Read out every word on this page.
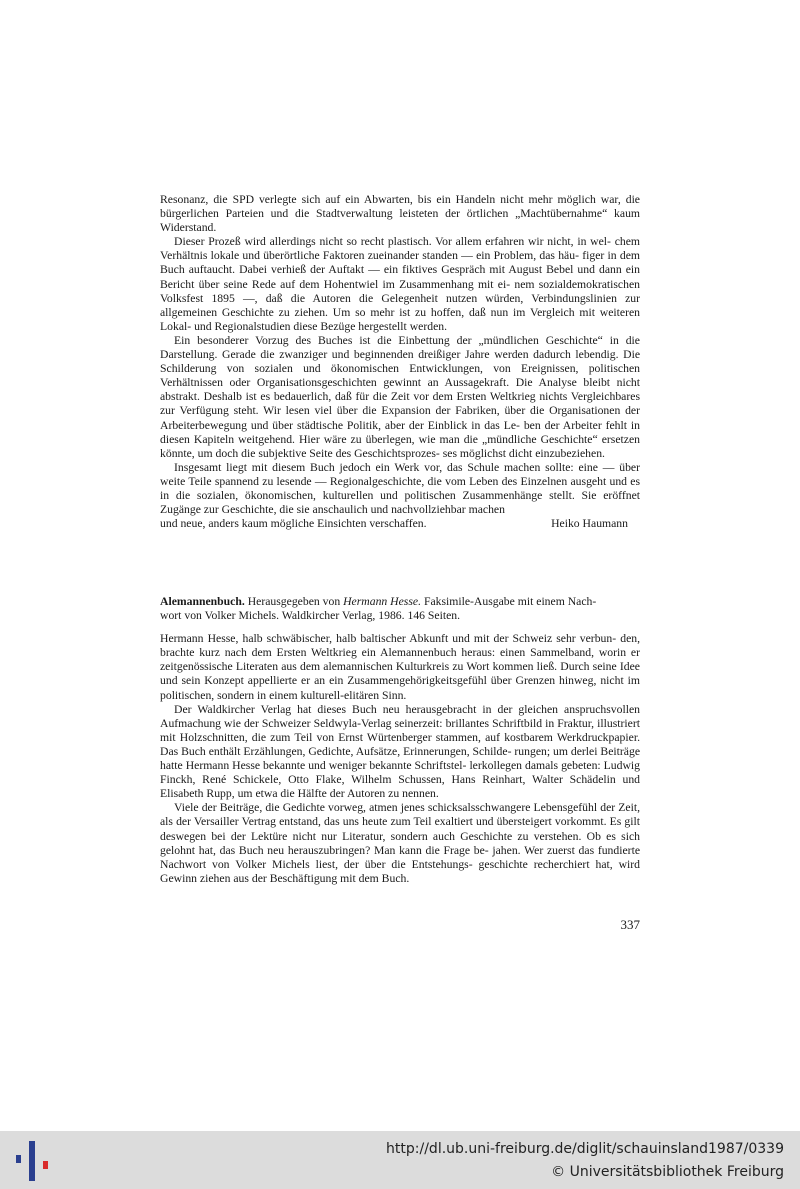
Resonanz, die SPD verlegte sich auf ein Abwarten, bis ein Handeln nicht mehr möglich war, die bürgerlichen Parteien und die Stadtverwaltung leisteten der örtlichen „Machtübernahme“ kaum Widerstand.

Dieser Prozeß wird allerdings nicht so recht plastisch. Vor allem erfahren wir nicht, in wel- chem Verhältnis lokale und überörtliche Faktoren zueinander standen — ein Problem, das häu- figer in dem Buch auftaucht. Dabei verhieß der Auftakt — ein fiktives Gespräch mit August Bebel und dann ein Bericht über seine Rede auf dem Hohentwiel im Zusammenhang mit ei- nem sozialdemokratischen Volksfest 1895 —, daß die Autoren die Gelegenheit nutzen würden, Verbindungslinien zur allgemeinen Geschichte zu ziehen. Um so mehr ist zu hoffen, daß nun im Vergleich mit weiteren Lokal- und Regionalstudien diese Bezüge hergestellt werden.

Ein besonderer Vorzug des Buches ist die Einbettung der „mündlichen Geschichte“ in die Darstellung. Gerade die zwanziger und beginnenden dreißiger Jahre werden dadurch lebendig. Die Schilderung von sozialen und ökonomischen Entwicklungen, von Ereignissen, politischen Verhältnissen oder Organisationsgeschichten gewinnt an Aussagekraft. Die Analyse bleibt nicht abstrakt. Deshalb ist es bedauerlich, daß für die Zeit vor dem Ersten Weltkrieg nichts Vergleichbares zur Verfügung steht. Wir lesen viel über die Expansion der Fabriken, über die Organisationen der Arbeiterbewegung und über städtische Politik, aber der Einblick in das Le- ben der Arbeiter fehlt in diesen Kapiteln weitgehend. Hier wäre zu überlegen, wie man die „mündliche Geschichte“ ersetzen könnte, um doch die subjektive Seite des Geschichtsprozes- ses möglichst dicht einzubeziehen.

Insgesamt liegt mit diesem Buch jedoch ein Werk vor, das Schule machen sollte: eine — über weite Teile spannend zu lesende — Regionalgeschichte, die vom Leben des Einzelnen ausgeht und es in die sozialen, ökonomischen, kulturellen und politischen Zusammenhänge stellt. Sie eröffnet Zugänge zur Geschichte, die sie anschaulich und nachvollziehbar machen

und neue, anders kaum mögliche Einsichten verschaffen.	Heiko Haumann

Alemannenbuch. Herausgegeben von Hermann Hesse. Faksimile-Ausgabe mit einem Nach-
wort von Volker Michels. Waldkircher Verlag, 1986. 146 Seiten.

Hermann Hesse, halb schwäbischer, halb baltischer Abkunft und mit der Schweiz sehr verbun- den, brachte kurz nach dem Ersten Weltkrieg ein Alemannenbuch heraus: einen Sammelband, worin er zeitgenössische Literaten aus dem alemannischen Kulturkreis zu Wort kommen ließ. Durch seine Idee und sein Konzept appellierte er an ein Zusammengehörigkeitsgefühl über Grenzen hinweg, nicht im politischen, sondern in einem kulturell-elitären Sinn.

Der Waldkircher Verlag hat dieses Buch neu herausgebracht in der gleichen anspruchsvollen Aufmachung wie der Schweizer Seldwyla-Verlag seinerzeit: brillantes Schriftbild in Fraktur, illustriert mit Holzschnitten, die zum Teil von Ernst Würtenberger stammen, auf kostbarem Werkdruckpapier. Das Buch enthält Erzählungen, Gedichte, Aufsätze, Erinnerungen, Schilde- rungen; um derlei Beiträge hatte Hermann Hesse bekannte und weniger bekannte Schriftstel- lerkollegen damals gebeten: Ludwig Finckh, René Schickele, Otto Flake, Wilhelm Schussen, Hans Reinhart, Walter Schädelin und Elisabeth Rupp, um etwa die Hälfte der Autoren zu nennen.

Viele der Beiträge, die Gedichte vorweg, atmen jenes schicksalsschwangere Lebensgefühl der Zeit, als der Versailler Vertrag entstand, das uns heute zum Teil exaltiert und übersteigert vorkommt. Es gilt deswegen bei der Lektüre nicht nur Literatur, sondern auch Geschichte zu verstehen. Ob es sich gelohnt hat, das Buch neu herauszubringen? Man kann die Frage be- jahen. Wer zuerst das fundierte Nachwort von Volker Michels liest, der über die Entstehungs- geschichte recherchiert hat, wird Gewinn ziehen aus der Beschäftigung mit dem Buch.

337
http://dl.ub.uni-freiburg.de/diglit/schauinsland1987/0339
© Universitätsbibliothek Freiburg
